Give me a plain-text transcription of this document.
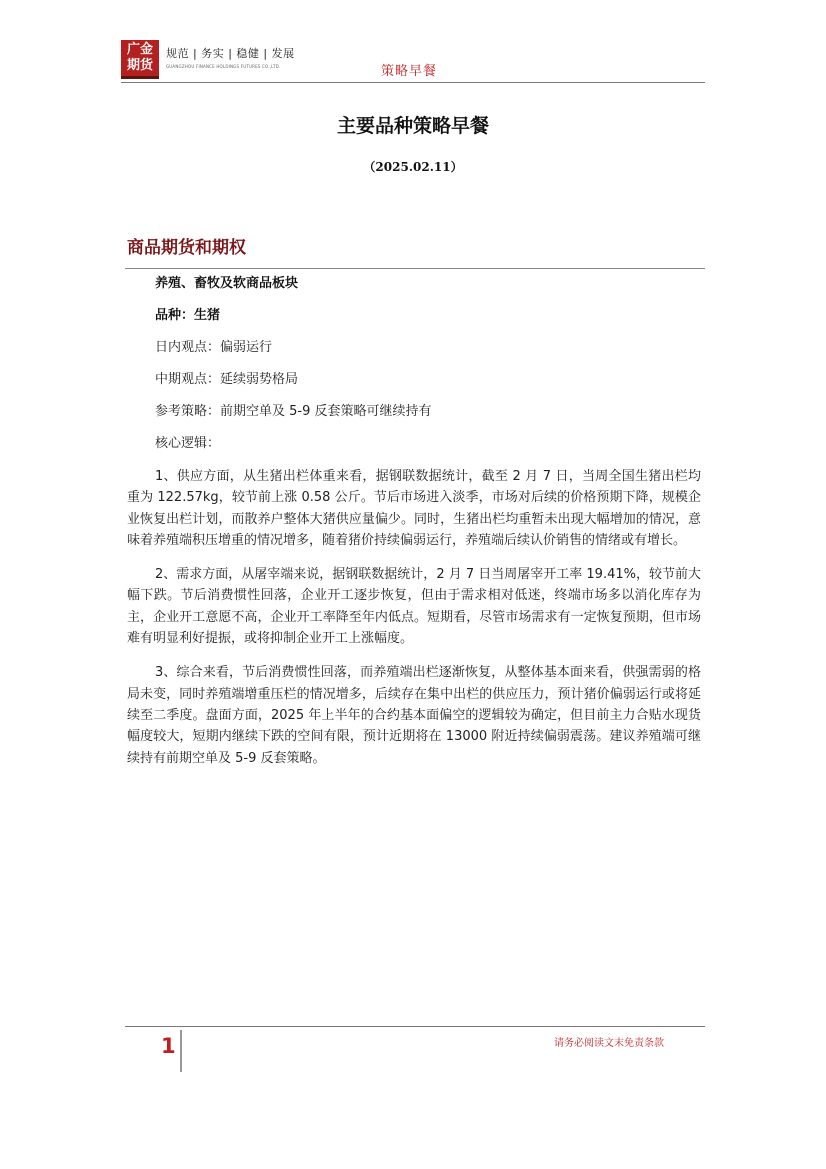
广金
期货
规范 | 务实 | 稳健 | 发展
GUANGZHOU FINANCE HOLDINGS FUTURES CO.,LTD.	策略早餐
主要品种策略早餐
（2025.02.11）
商品期货和期权
养殖、畜牧及软商品板块
品种：生猪
日内观点：偏弱运行
中期观点：延续弱势格局
参考策略：前期空单及 5-9 反套策略可继续持有
核心逻辑：

1、供应方面，从生猪出栏体重来看，据钢联数据统计，截至 2 月 7 日，当周全国生猪出栏均重为 122.57kg，较节前上涨 0.58 公斤。节后市场进入淡季，市场对后续的价格预期下降，规模企业恢复出栏计划，而散养户整体大猪供应量偏少。同时，生猪出栏均重暂未出现大幅增加的情况，意味着养殖端积压增重的情况增多，随着猪价持续偏弱运行，养殖端后续认价销售的情绪或有增长。

2、需求方面，从屠宰端来说，据钢联数据统计，2 月 7 日当周屠宰开工率 19.41%，较节前大幅下跌。节后消费惯性回落，企业开工逐步恢复，但由于需求相对低迷，终端市场多以消化库存为主，企业开工意愿不高，企业开工率降至年内低点。短期看，尽管市场需求有一定恢复预期，但市场难有明显利好提振，或将抑制企业开工上涨幅度。

3、综合来看，节后消费惯性回落，而养殖端出栏逐渐恢复，从整体基本面来看，供强需弱的格局未变，同时养殖端增重压栏的情况增多，后续存在集中出栏的供应压力，预计猪价偏弱运行或将延续至二季度。盘面方面，2025 年上半年的合约基本面偏空的逻辑较为确定，但目前主力合贴水现货幅度较大，短期内继续下跌的空间有限，预计近期将在 13000 附近持续偏弱震荡。建议养殖端可继续持有前期空单及 5-9 反套策略。

1	请务必阅读文末免责条款
